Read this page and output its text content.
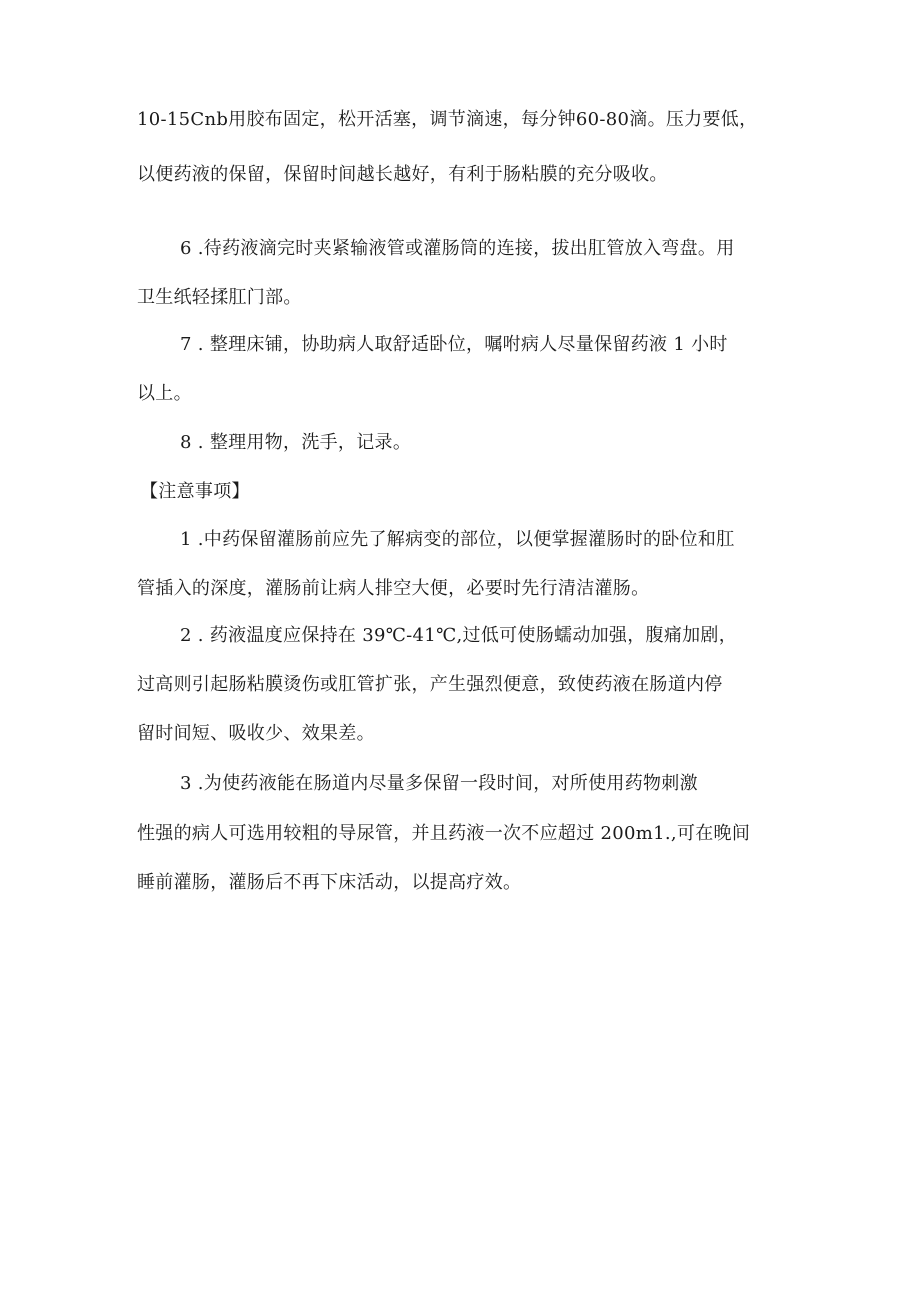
10-15Cnb用胶布固定，松开活塞，调节滴速，每分钟60-80滴。压力要低，
以便药液的保留，保留时间越长越好，有利于肠粘膜的充分吸收。
6 .待药液滴完时夹紧输液管或灌肠筒的连接，拔出肛管放入弯盘。用
卫生纸轻揉肛门部。
7 . 整理床铺，协助病人取舒适卧位，嘱咐病人尽量保留药液 1 小时
以上。
8 . 整理用物，洗手，记录。
【注意事项】
1 .中药保留灌肠前应先了解病变的部位，以便掌握灌肠时的卧位和肛
管插入的深度，灌肠前让病人排空大便，必要时先行清洁灌肠。
2 . 药液温度应保持在 39℃-41℃,过低可使肠蠕动加强，腹痛加剧，
过高则引起肠粘膜烫伤或肛管扩张，产生强烈便意，致使药液在肠道内停
留时间短、吸收少、效果差。
3 .为使药液能在肠道内尽量多保留一段时间，对所使用药物刺激
性强的病人可选用较粗的导尿管，并且药液一次不应超过 200m1.,可在晚间
睡前灌肠，灌肠后不再下床活动，以提高疗效。
